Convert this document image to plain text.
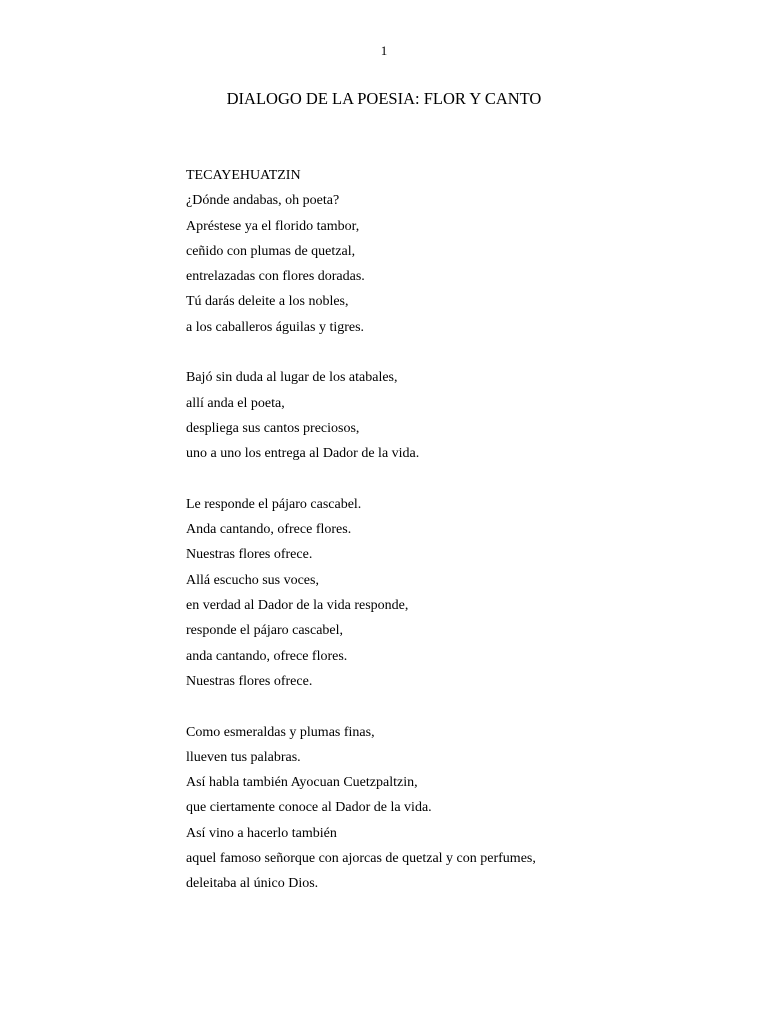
1
DIALOGO DE LA POESIA: FLOR Y CANTO
TECAYEHUATZIN
¿Dónde andabas, oh poeta?
Apréstese ya el florido tambor,
ceñido con plumas de quetzal,
entrelazadas con flores doradas.
Tú darás deleite a los nobles,
a los caballeros águilas y tigres.
Bajó sin duda al lugar de los atabales,
allí anda el poeta,
despliega sus cantos preciosos,
uno a uno los entrega al Dador de la vida.
Le responde el pájaro cascabel.
Anda cantando, ofrece flores.
Nuestras flores ofrece.
Allá escucho sus voces,
en verdad al Dador de la vida responde,
responde el pájaro cascabel,
anda cantando, ofrece flores.
Nuestras flores ofrece.
Como esmeraldas y plumas finas,
llueven tus palabras.
Así habla también Ayocuan Cuetzpaltzin,
que ciertamente conoce al Dador de la vida.
Así vino a hacerlo también
aquel famoso señorque con ajorcas de quetzal y con perfumes,
deleitaba al único Dios.
